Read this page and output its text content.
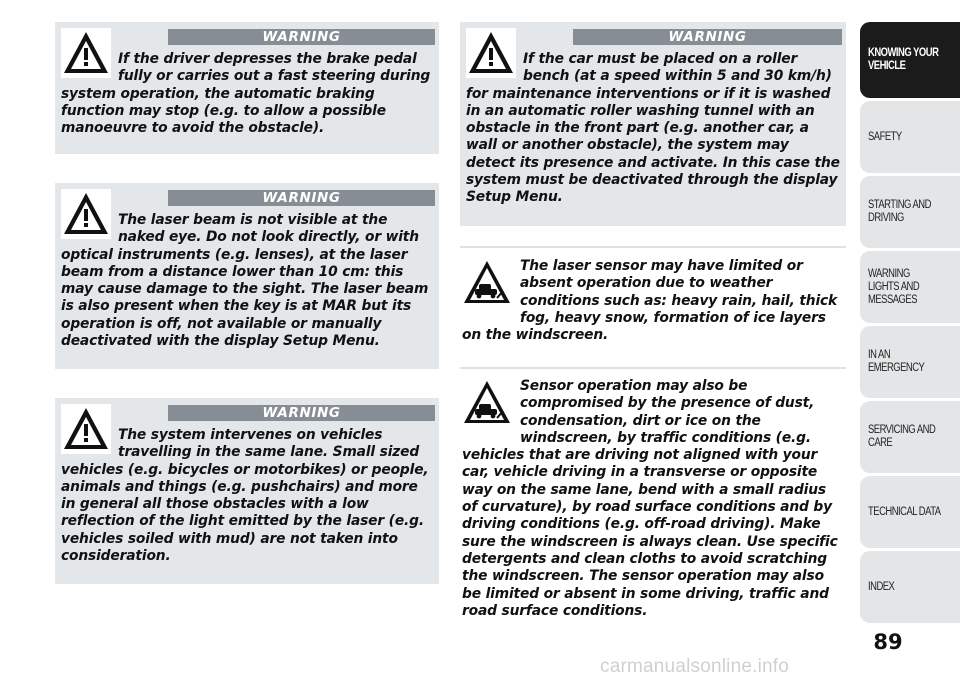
WARNING

If the driver depresses the brake pedal fully or carries out a fast steering during system operation, the automatic braking function may stop (e.g. to allow a possible manoeuvre to avoid the obstacle).

WARNING

The laser beam is not visible at the naked eye. Do not look directly, or with optical instruments (e.g. lenses), at the laser beam from a distance lower than 10 cm: this may cause damage to the sight. The laser beam is also present when the key is at MAR but its operation is off, not available or manually deactivated with the display Setup Menu.

WARNING

The system intervenes on vehicles travelling in the same lane. Small sized vehicles (e.g. bicycles or motorbikes) or people, animals and things (e.g. pushchairs) and more in general all those obstacles with a low reflection of the light emitted by the laser (e.g. vehicles soiled with mud) are not taken into consideration.

WARNING

If the car must be placed on a roller bench (at a speed within 5 and 30 km/h) for maintenance interventions or if it is washed in an automatic roller washing tunnel with an obstacle in the front part (e.g. another car, a wall or another obstacle), the system may detect its presence and activate. In this case the system must be deactivated through the display Setup Menu.

The laser sensor may have limited or absent operation due to weather conditions such as: heavy rain, hail, thick fog, heavy snow, formation of ice layers on the windscreen.

Sensor operation may also be compromised by the presence of dust, condensation, dirt or ice on the windscreen, by traffic conditions (e.g. vehicles that are driving not aligned with your car, vehicle driving in a transverse or opposite way on the same lane, bend with a small radius of curvature), by road surface conditions and by driving conditions (e.g. off-road driving). Make sure the windscreen is always clean. Use specific detergents and clean cloths to avoid scratching the windscreen. The sensor operation may also be limited or absent in some driving, traffic and road surface conditions.

KNOWING YOUR VEHICLE
SAFETY
STARTING AND DRIVING
WARNING LIGHTS AND MESSAGES
IN AN EMERGENCY
SERVICING AND CARE
TECHNICAL DATA
INDEX
89
carmanualsonline.info
